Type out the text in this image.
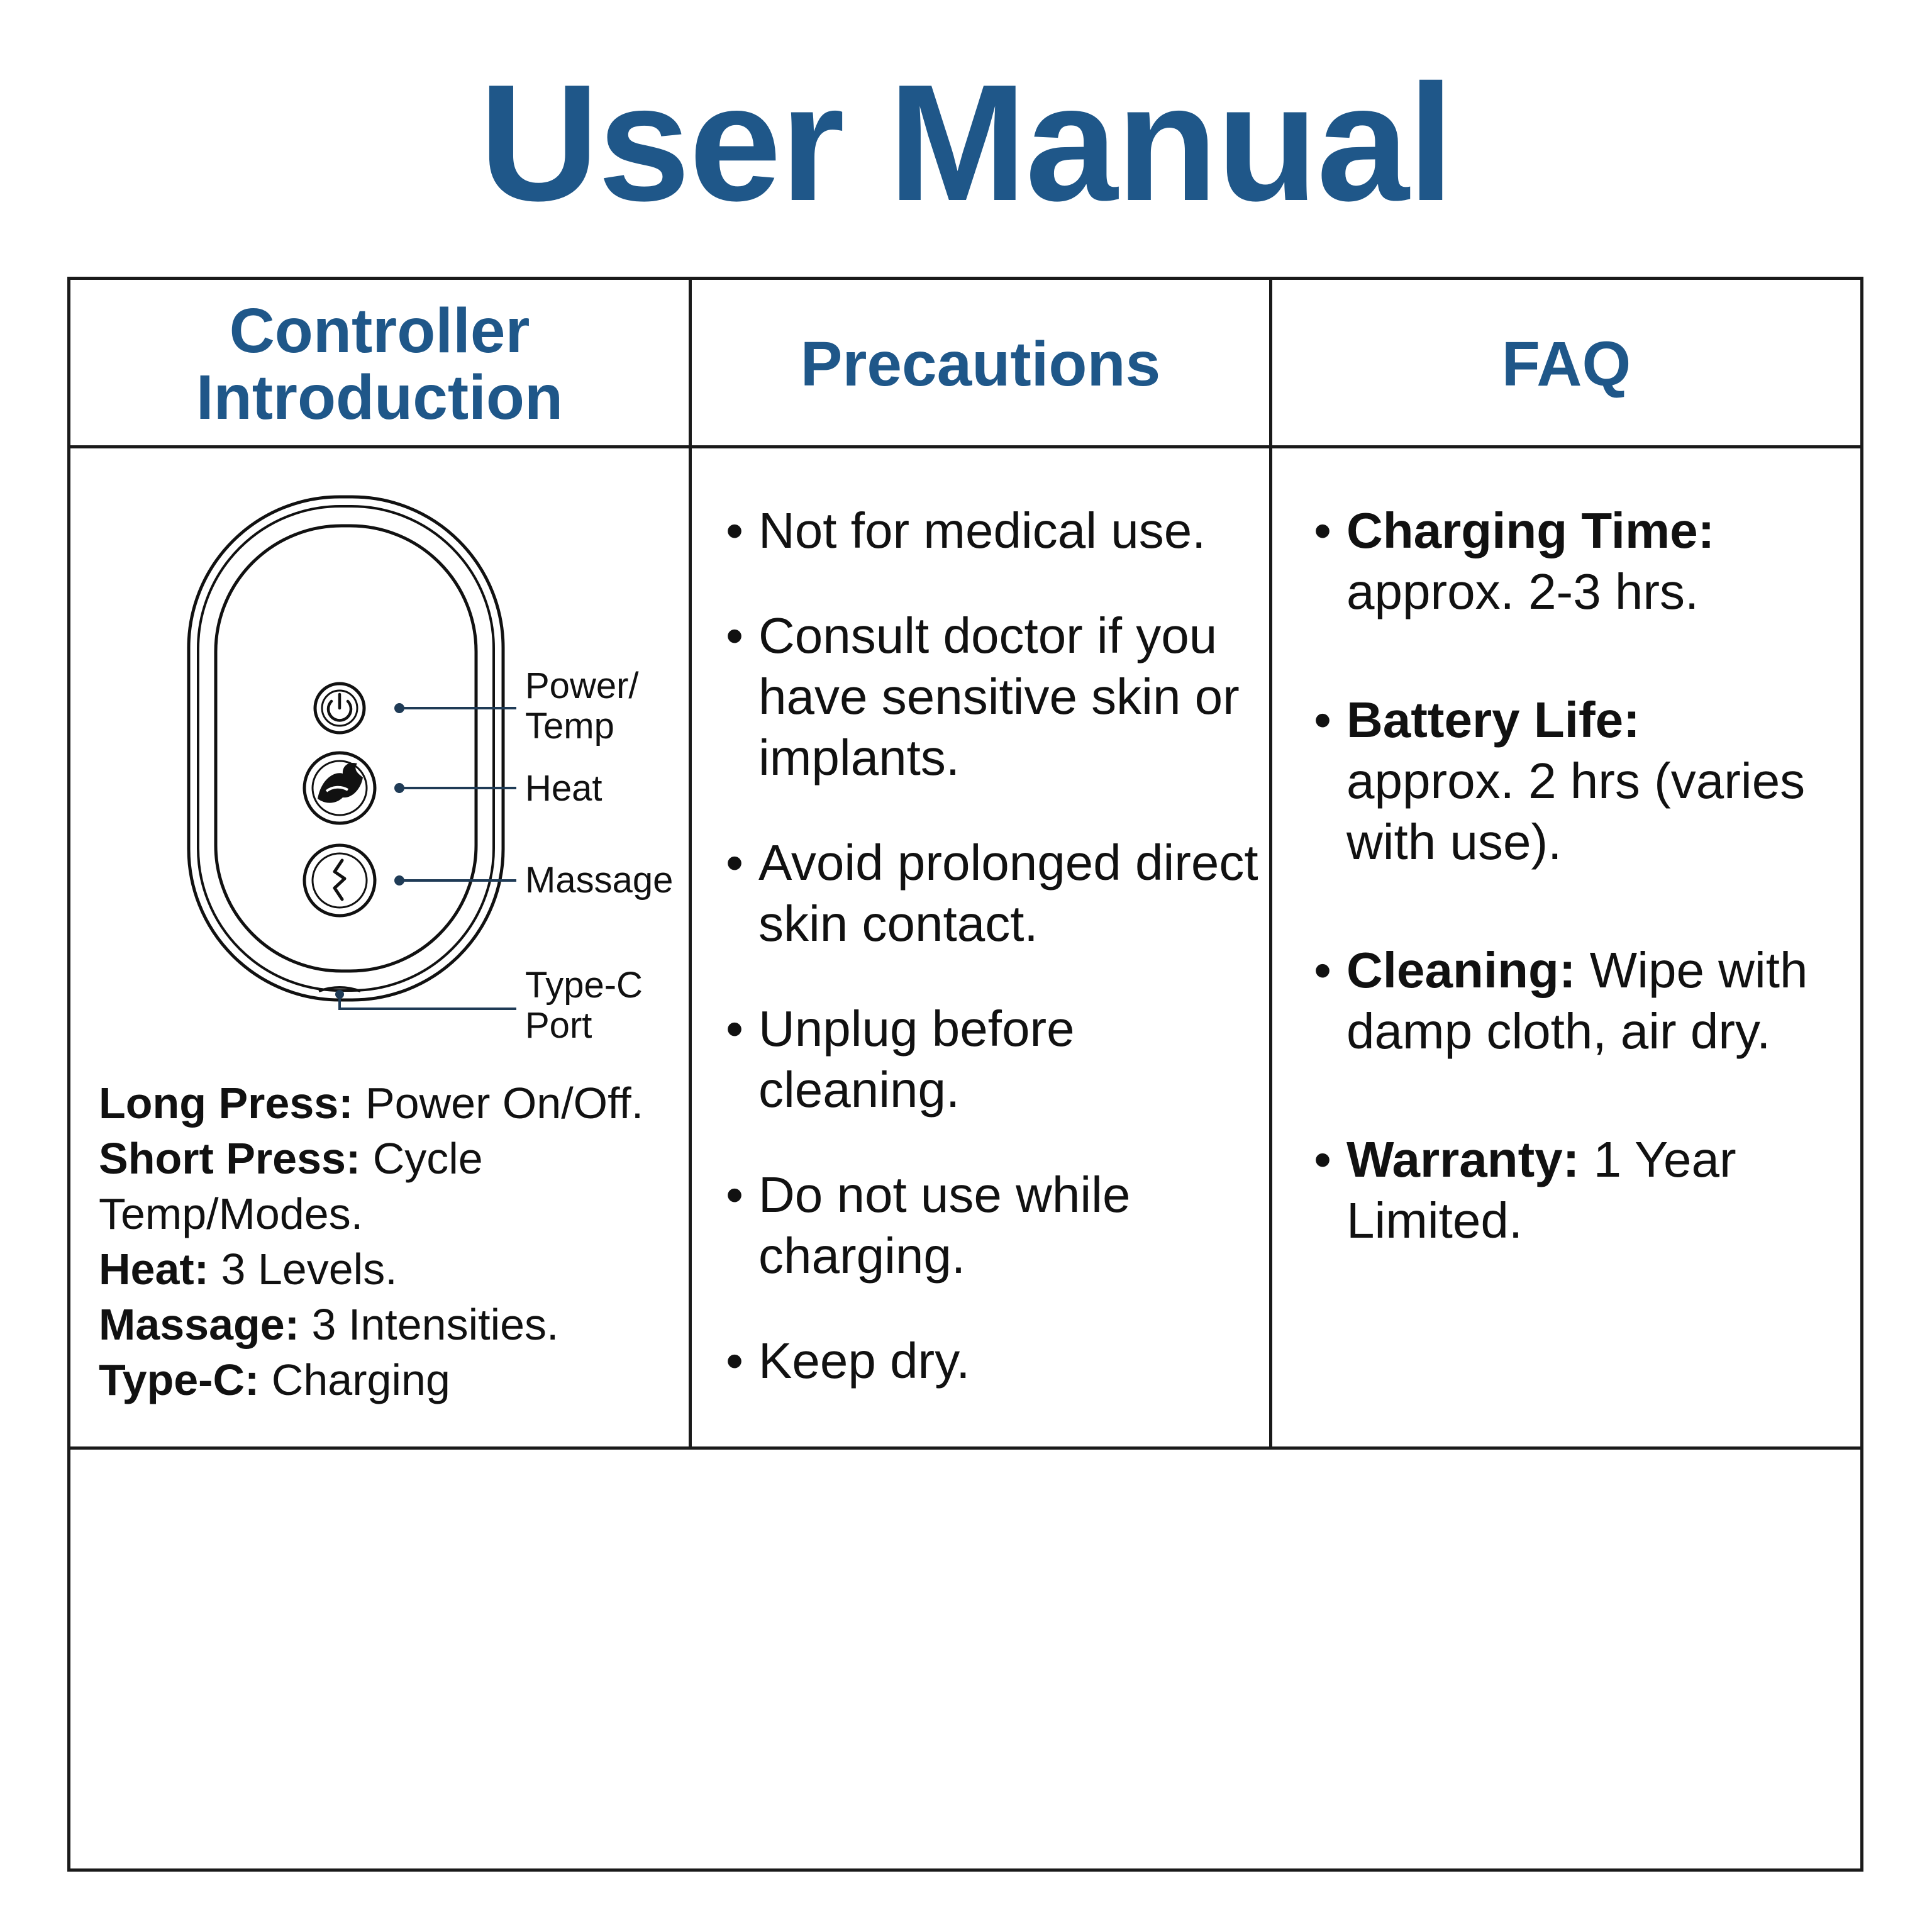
User Manual
Controller
Introduction	Precautions	FAQ
Power/
Temp
Heat
Massage
Type-C
Port
Long Press: Power On/Off.
Short Press: Cycle
Temp/Modes.
Heat: 3 Levels.
Massage: 3 Intensities.
Type-C: Charging
• Not for medical use.
• Consult doctor if you have sensitive skin or implants.
• Avoid prolonged direct skin contact.
• Unplug before cleaning.
• Do not use while charging.
• Keep dry.
• Charging Time:
approx. 2-3 hrs.
• Battery Life:
approx. 2 hrs (varies with use).
• Cleaning: Wipe with damp cloth, air dry.
• Warranty: 1 Year Limited.
